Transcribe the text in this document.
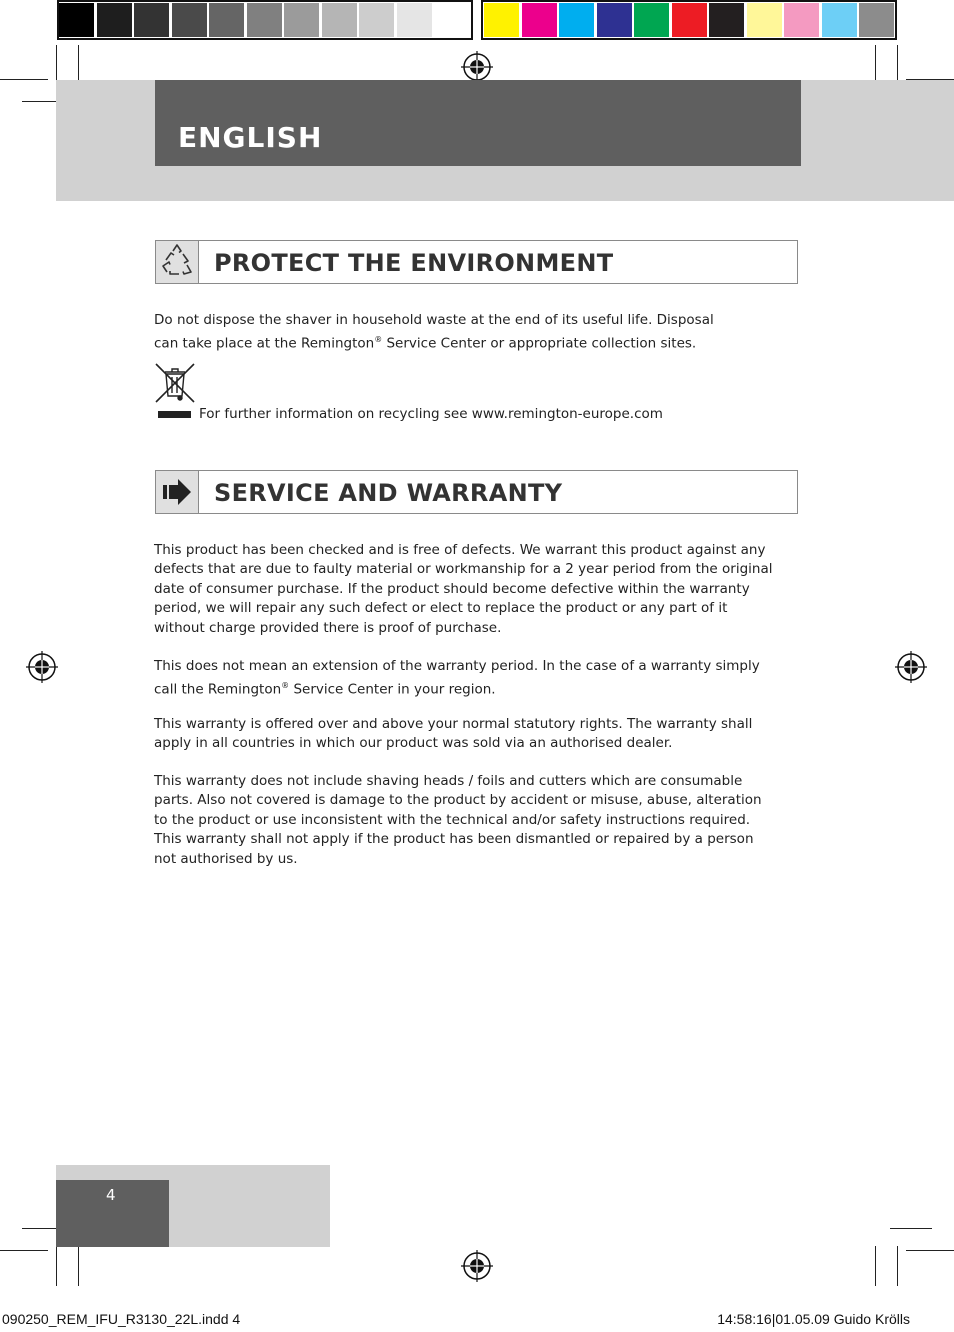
ENGLISH
PROTECT THE ENVIRONMENT

Do not dispose the shaver in household waste at the end of its useful life. Disposal

can take place at the Remington® Service Center or appropriate collection sites.

For further information on recycling see www.remington-europe.com
SERVICE AND WARRANTY

This product has been checked and is free of defects. We warrant this product against any

defects that are due to faulty material or workmanship for a 2 year period from the original

date of consumer purchase. If the product should become defective within the warranty

period, we will repair any such defect or elect to replace the product or any part of it

without charge provided there is proof of purchase.

This does not mean an extension of the warranty period. In the case of a warranty simply

call the Remington® Service Center in your region.

This warranty is offered over and above your normal statutory rights. The warranty shall

apply in all countries in which our product was sold via an authorised dealer.

This warranty does not include shaving heads / foils and cutters which are consumable

parts. Also not covered is damage to the product by accident or misuse, abuse, alteration

to the product or use inconsistent with the technical and/or safety instructions required.

This warranty shall not apply if the product has been dismantled or repaired by a person

not authorised by us.

4
090250_REM_IFU_R3130_22L.indd 4	14:58:16|01.05.09 Guido Krölls
